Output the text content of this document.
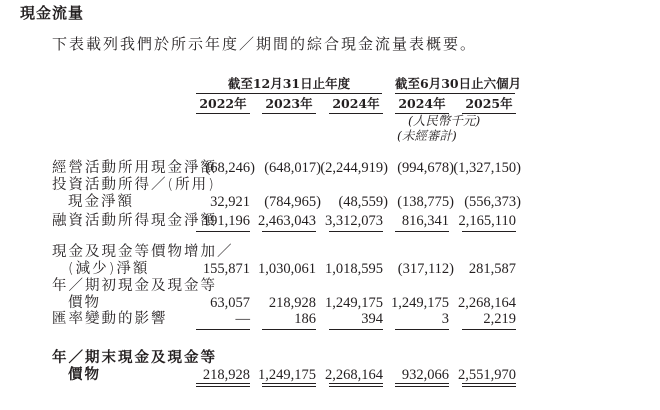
現金流量
下表載列我們於所示年度／期間的綜合現金流量表概要。
截至12月31日止年度	截至6月30日止六個月
2022年 2023年 2024年 2024年 2025年
(人民幣千元)
(未經審計)
經營活動所用現金淨額
(68,246) (648,017) (2,244,919) (994,678) (1,327,150)
投資活動所得／(所用)
現金淨額	32,921 (784,965)	(48,559) (138,775) (556,373)
融資活動所得現金淨額
191,196 2,463,043 3,312,073	816,341 2,165,110
現金及現金等價物增加／
(減少)淨額	155,871 1,030,061 1,018,595	(317,112)	281,587
年／期初現金及現金等
價物	63,057	218,928 1,249,175 1,249,175 2,268,164
匯率變動的影響	—	186	394	3	2,219
年／期末現金及現金等
價物	218,928 1,249,175 2,268,164	932,066 2,551,970
